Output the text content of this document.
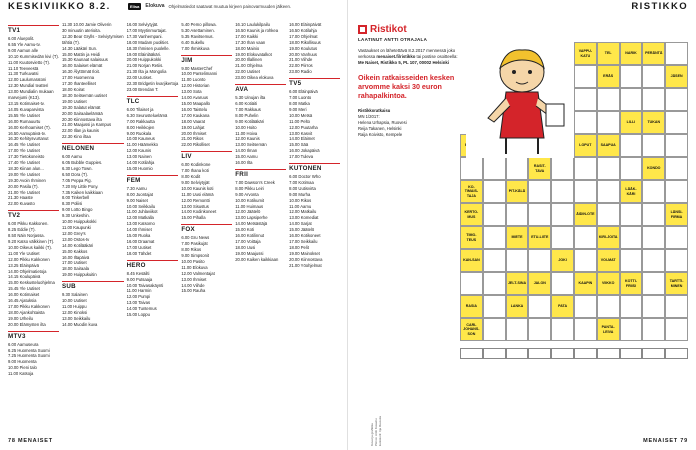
KESKIVIIKKO 8.2.	Elisa	Elokuva Ohjelmatiedot saatavat muutua kirjeen painovarmuuden jälkeen.
TV1
6.00 Aluepolit.
6.55 Yle Aamu-tv.
9.00 Aamun alle
10.10 Kummisedän kivi (T).
11.00 Kuutosvietto (T).
11.10 Teeveestä
11.30 Turkuvatsi
12.00 Laulumaratoni
12.30 Mundial teatteri
13.00 Mundialin mukaan
marvejumi (K13).
13.15 Kotimaiset-tv.
14.05 Kuvaparvista
15.55 Yle Uutiset
16.00 Rumauurtu
16.00 Kerhoamiset (T).
16.50 Aamupäivä-tv.
16.30 Kehitysvurtanut
16.45 Yle Uutiset
17.00 Yle Uutiset
17.30 Tietokoneisto
17.40 Yle Uutiset
18.30 Kiinan alun...
19.00 Yle Uutiset
19.30 Avoin Ihminen
20.00 Pasila (T).
21.00 Yle Uutiset
21.30 Haaste
22.00 Kuvasto
TV2
6.00 Pikku Kakkonen.
8.25 Eddie (T).
8.50 Näin Norjassa.
9.20 Katso välkkinen (T).
10.00 Oikeus kaikki (T).
11.00 Yle Uutiset
12.00 Pikku Kakkonen
13.25 Eläinpäivä
14.00 Ohjelmatietoja
14.15 Koulupäivä
15.00 Keskusteluohjelma
15.45 Yle Uutiset
16.00 Kotimaiset
16.45 Ajatuksia
17.00 Pikku Kakkonen
18.00 Ajankohtaista
19.00 Urheilu
20.00 Elämysten ilta
MTV3
6.00 Aamuseura
6.25 Huomenta Suomi
7.25 Huomenta Suomi
9.00 Huomenta
10.00 Pieni talo
11.00 Katsoja
11.30 10.00 Jamie Oliverin
30 minuutin aterioita.
12.30 Bear Grylls - Selviytymisen
tähtiä (T).
14.30 Lääkäri Sun.
15.00 Mattin ja Heidi
15.30 Kaunaat salaisuus
16.00 Salaiset elämät
16.30 Älyttömät Iloit.
17.00 Huomenna
17.30 Ihanteelliset
18.00 Koirat
18.30 Seitsemän uutiset
19.00 Uutiset
19.30 Salatut elämät
20.00 Sairaalaelämää
20.30 Kiinnostava ilta
21.00 Maajussi ja Kampus
22.00 Illan ja kaunis
22.30 Kino iltaa
NELONEN
6.00 Aamu
6.05 Bubble Guppies.
6.30 Lego Town.
6.50 Dora (T).
7.05 Peppa Pig.
7.20 My Little Pony.
7.35 Kaiken kaikkiaan
8.00 Tinkerbell
8.30 Poliisi
9.00 Lotto Bingo
9.30 Unkeshin.
10.00 Huippukokki
11.00 Kaupunki
12.00 Grey's
13.00 Ostos-tv
14.00 Kotilääkäri
15.00 Kakkos
16.00 Iltapäivä
17.00 Uutiset
18.00 Sairaala
19.00 Huippukuitin
SUB
9.30 Salainen
10.00 Uutiset
11.00 Huippu
12.00 Kinoksi
13.00 Seikkailu
14.00 Muodin kuva
16.00 Selviytyjät.
17.00 Myytinmurtajat.
17.30 Vanhempani.
18.00 Madam puolitiet.
18.30 Ihmisen puolelle.
19.00 Eläinlääkäri.
20.00 Huippukokki
21.00 Norjan Retiis.
21.30 Ilta ja Mongolia
22.00 Uutiset.
22.30 Bridgetin kvarjikertoja
23.00 Brendan T.
TLC
6.00 Tilaiset ja
6.30 Seurusteluelämä
7.00 Rakkautta
8.00 Heikkojen
9.00 Ruokala
10.00 Kauneus
11.00 Häämekko
12.00 Kaunis
13.00 Nainen
14.00 Kotilahja
15.00 Huomio
FEM
7.30 Aamu
8.00 Juontajat
9.00 Naiset
10.00 Seikkailu
11.00 Juhlaviikot
12.00 Matkalla
13.00 Katsomo
14.00 Ihmiset
15.00 Ruoka
16.00 Draamat
17.00 Uutiset
18.00 Tähdet
HERO
8.45 Kesäilti
9.00 Putsaaja
10.00 Taivasakäynti
11.00 Harmin
12.00 Pumpi
13.00 Taivas
14.00 Tuntemus
15.00 Loppu
5.40 Pemo pillowa.
5.30 Asettaminen.
5.35 Ravitsemus.
6.40 Sukellu
7.00 Ihmiskuva
JIM
9.00 MasterChef
10.00 Pantelimanni
11.00 Luonto
12.00 Historian
13.00 Sota
14.00 Avaruus
15.00 Maapallo
16.00 Taistelu
17.00 Kaukana
18.00 Vaarat
19.00 Lahjat
20.00 Ihmiset
21.00 Rikos
22.00 Rikolliset
LIV
6.00 Kodinkone
7.00 Ihana koti
8.00 Kodit
9.00 Selviytyjät
10.00 Kaunis koti
11.00 Uusi elämä
12.00 Remontti
13.00 Sisustus
14.00 Kodinkoneet
15.00 Pihalla
FOX
6.00 Gru News
7.00 Pasikujät
8.00 Rikos
9.00 Simpsonit
10.00 Pasito
11.00 Elokuva
12.00 Valmentajat
13.00 Ihmiset
14.00 Viihde
15.00 Rauha
16.10 Laulukilpailu
16.50 Kaunis ja rohkea
17.00 Kaikki
17.30 Ihan vaan
18.00 Mainio
19.00 Elokuvatalkot
20.00 Illallinen
21.00 Ohjelma
22.00 Uutiset
23.00 Oikea elokuva
AVA
5.30 Uinujan ilta
6.00 Kotiäiti
7.00 Rakkaus
8.00 Puhelin
9.00 Kotilääkäri
10.00 Hoito
11.00 Hoiva
12.00 Kaunis
13.00 Seitsemän
14.00 Ilman
15.00 Aamu
16.00 Ilta
FRII
7.00 Dawson's Creek
8.00 Pikku Leiri
9.00 Arvonta
10.00 Kotikumit
11.00 Huimaus
12.00 Jäätelö
13.00 Lapsiperhe
14.00 Metsästäjä
15.00 Koti
16.00 Kotilinnut
17.00 Voittaja
18.00 Uusi
19.00 Maajussi
20.00 Kaiken kaikkiaan
16.00 Eläinpäivät
16.50 Kotilahja
17.00 Ohjelmat
18.00 Rikollisuus
19.00 Koulutus
20.00 Vanhuus
21.00 Viihde
22.00 Piirros
23.00 Radio
TV5
6.00 Eläinpäivä
7.00 Luonto
8.00 Matka
9.00 Meri
10.00 Metsä
11.00 Pelto
12.00 Puutarha
13.00 Kasvit
14.00 Eläimet
15.00 Sää
16.00 Jokapäivä
17.00 Tuleva
KUTONEN
6.00 Doctor Who
7.00 Kotimaa
8.00 Uutisvirta
9.00 Murha
10.00 Rikos
11.00 Aamu
12.00 Matkailu
13.00 Komediat
14.00 Sarjat
15.00 Jäätelö
16.00 Kotikoneet
17.00 Seikkailu
18.00 Pelit
19.00 Mainokset
20.00 Kiinnostava
21.00 Yöohjelmat
78 MENAISET
RISTIKKO
Ristikot
LAATINUT ANTTI OTRAJALA
Vastaukset on lähetettävä 8.2.2017 mennessä joko verkossa menaiset.fi/ristikko tai postise osoitteella: Me Naiset, Ristikko 5, PL 107, 00002 Helsinki
Oikein ratkaisseiden kesken arvomme kaksi 30 euron rahapalkintoa.
Ristikkoratkaisu
MN 1/2017:
Helena Urhapsia, Ruovesi
Reija Takanen, Helsinki
Raija Koivisto, Kempele
VAPPU-KATU
TEL	NARIK	PERÄNTÄ
ERÄS	JÄSEN
LILLI	TUKAN
LOPUT	SAAPUA
RASIT-TAVA
KONDO
KO-TIMAIS-TAJA
PIT-KÄLÄ
LÄÄK-KÄRI
KERTO-MUS
ÄIDIN-OTE
LÄNSI-FIRMA
TIMO-TEUS
MIETE	ETU-LIITE	KIRI-JOITA
KAN-SAN	JOKI	VOI-MAT
JELT-SINA	JALON	KAAPIN	VIIKKO
KOTTI-FRIISI
TARTTI-MINEN
RASIA	LANKA	PATA
CARL JOHANS-SON
PANTA-LEIVA
Kuvat ja grafiikka Piirros: Antti Kosamo Eväskorit: Irja Rauvola	MENAISET 79
